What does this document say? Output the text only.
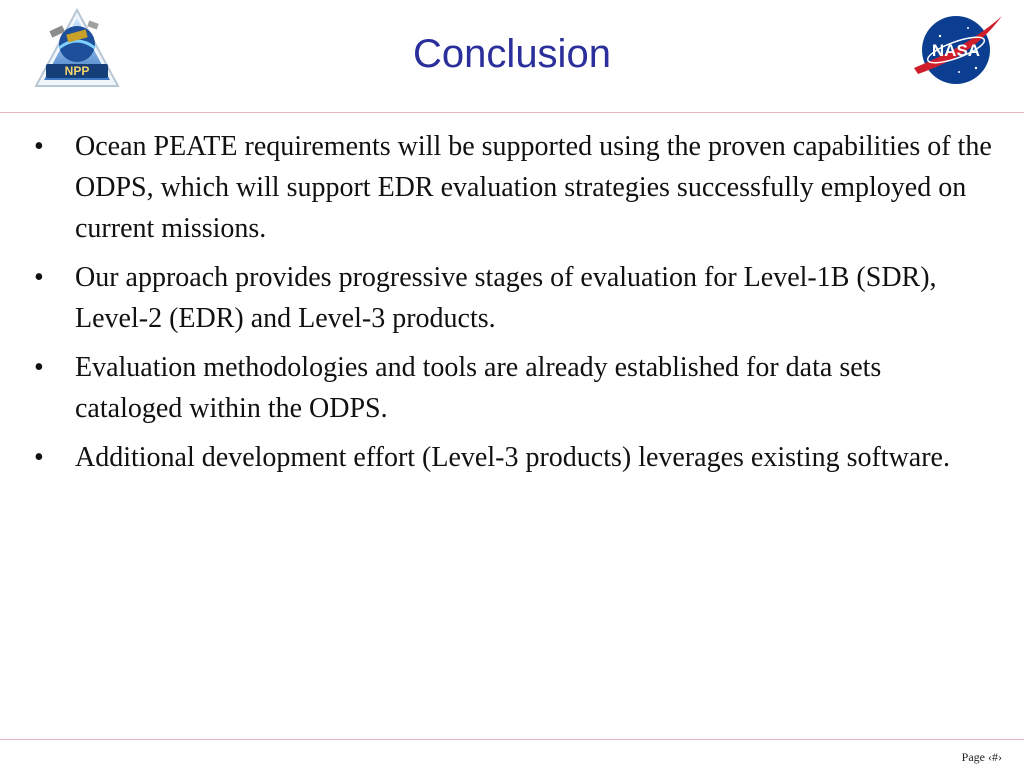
NPP	Conclusion	NASA
• Ocean PEATE requirements will be supported using the proven capabilities of the ODPS, which will support EDR evaluation strategies successfully employed on current missions.
• Our approach provides progressive stages of evaluation for Level-1B (SDR), Level-2 (EDR) and Level-3 products.
• Evaluation methodologies and tools are already established for data sets cataloged within the ODPS.
• Additional development effort (Level-3 products) leverages existing software.
Page ‹#›
